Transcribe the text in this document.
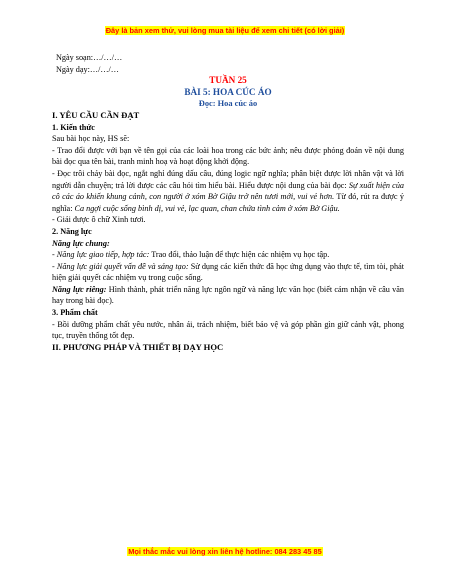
Đây là bản xem thử, vui lòng mua tài liệu để xem chi tiết (có lời giải)

Ngày soạn:…/…/…

Ngày dạy:…/…/…

TUẦN 25

BÀI 5: HOA CÚC ÁO

Đọc: Hoa cúc áo

I. YÊU CẦU CẦN ĐẠT

1. Kiến thức

Sau bài học này, HS sẽ:

- Trao đổi được với bạn về tên gọi của các loài hoa trong các bức ảnh; nêu được phỏng đoán về nội dung bài đọc qua tên bài, tranh minh hoạ và hoạt động khởi động.

- Đọc trôi chảy bài đọc, ngắt nghỉ đúng dấu câu, đúng logic ngữ nghĩa; phân biệt được lời nhân vật và lời người dẫn chuyện; trả lời được các câu hỏi tìm hiểu bài. Hiểu được nội dung của bài đọc: Sự xuất hiện của cô các áo khiến khung cảnh, con người ở xóm Bờ Giậu trở nên tươi mới, vui vẻ hơn. Từ đó, rút ra được ý nghĩa: Ca ngợi cuộc sống bình dị, vui vẻ, lạc quan, chan chứa tình cảm ở xóm Bờ Giậu.

- Giải được ô chữ Xinh tươi.

2. Năng lực

Năng lực chung:

- Năng lực giao tiếp, hợp tác: Trao đổi, thảo luận để thực hiện các nhiệm vụ học tập.

- Năng lực giải quyết vấn đề và sáng tạo: Sử dụng các kiến thức đã học ứng dụng vào thực tế, tìm tòi, phát hiện giải quyết các nhiệm vụ trong cuộc sống.

Năng lực riêng: Hình thành, phát triển năng lực ngôn ngữ và năng lực văn học (biết cảm nhận về câu văn hay trong bài đọc).

3. Phẩm chất

- Bồi dưỡng phẩm chất yêu nước, nhân ái, trách nhiệm, biết bảo vệ và góp phần gìn giữ cảnh vật, phong tục, truyền thống tốt đẹp.

II. PHƯƠNG PHÁP VÀ THIẾT BỊ DẠY HỌC

Mọi thắc mắc vui lòng xin liên hệ hotline: 084 283 45 85
